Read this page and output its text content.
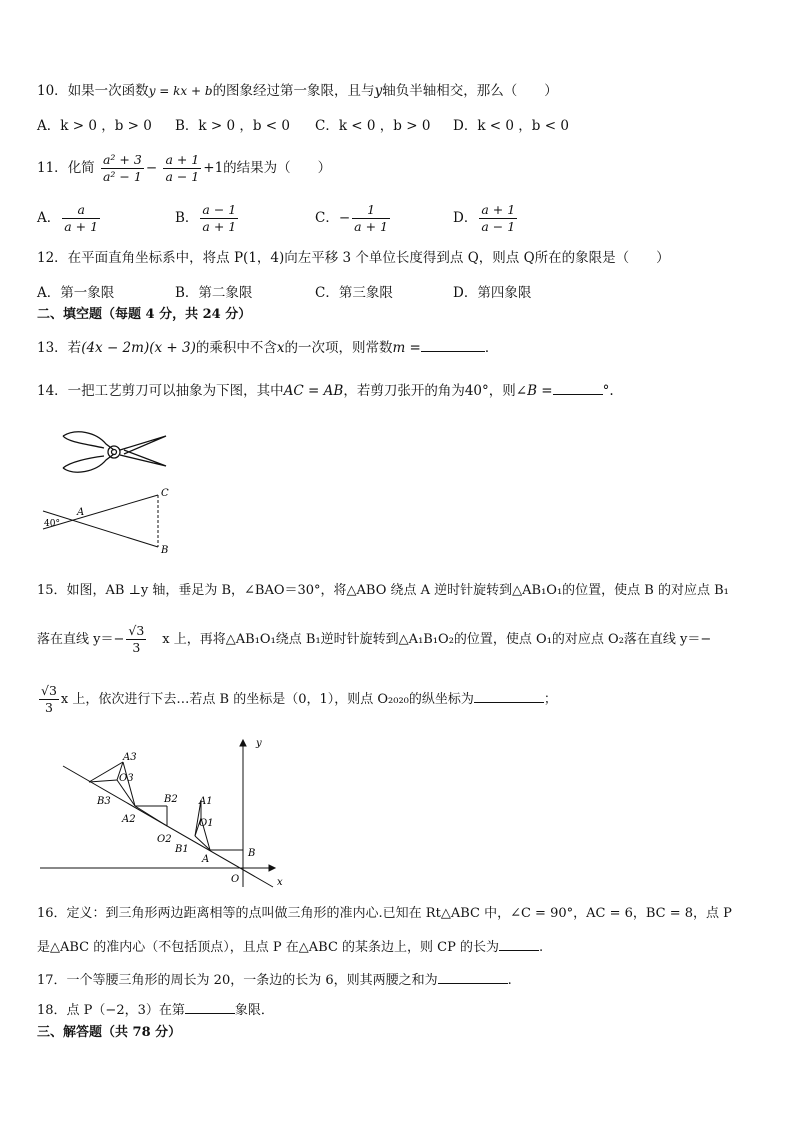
10．如果一次函数y = kx + b的图象经过第一象限，且与y轴负半轴相交，那么（　　）
A．k > 0 ，b > 0 B．k > 0 ，b < 0 C．k < 0 ，b > 0 D．k < 0 ，b < 0
11．化简 $\frac{\text{a² + 3}}{\text{a² − 1}} - \frac{a + 1}{a - 1} +1$的结果为（　　）
A． $\frac{a}{a + 1}$	B． $\frac{a - 1}{a + 1}$	C．− $\frac{1}{a + 1}$	D． $\frac{a + 1}{a - 1}$
12．在平面直角坐标系中，将点 P(1，4)向左平移 3 个单位长度得到点 Q，则点 Q所在的象限是（　　）
A．第一象限	B．第二象限	C．第三象限	D．第四象限
二、填空题（每题 4 分，共 24 分）
13．若(4x − 2m)(x + 3)的乘积中不含x的一次项，则常数m =	．
14．一把工艺剪刀可以抽象为下图，其中AC = AB，若剪刀张开的角为40°，则∠B =	°.
C
A
B
40°
15．如图，AB ⊥y 轴，垂足为 B，∠BAO＝30°，将△ABO 绕点 A 逆时针旋转到△AB₁O₁的位置，使点 B 的对应点 B₁
落在直线 $y=- \frac{√3}{3}$ x 上，再将△AB₁O₁绕点 B₁逆时针旋转到△A₁B₁O₂的位置，使点 O₁的对应点 O₂落在直线 y＝−
$\frac{√3}{3}$ x 上，依次进行下去…若点 B 的坐标是（0，1），则点 O₂₀₂₀的纵坐标为	；
y
x
O
B
A
A1
O1
B1
B2
O2
A2
A3
O3
B3
16．定义：到三角形两边距离相等的点叫做三角形的准内心.已知在 Rt△ABC 中，∠C = 90°，AC = 6，BC = 8，点 P
是△ABC 的准内心（不包括顶点），且点 P 在△ABC 的某条边上，则 CP 的长为	.
17．一个等腰三角形的周长为 20，一条边的长为 6，则其两腰之和为	.
18．点 P（−2，3）在第	象限．
三、解答题（共 78 分）
